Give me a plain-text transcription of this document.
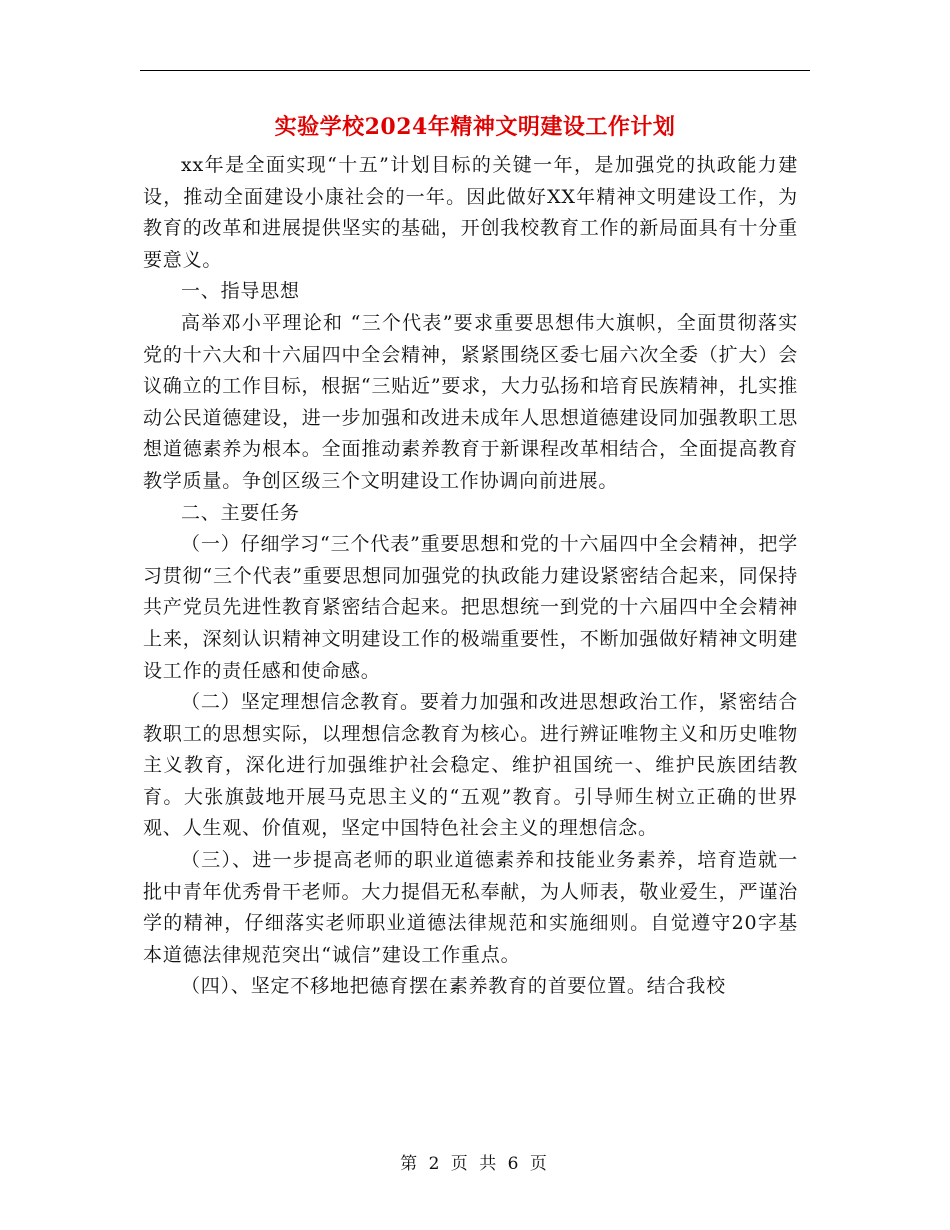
实验学校2024年精神文明建设工作计划

xx年是全面实现“十五”计划目标的关键一年，是加强党的执政能力建设，推动全面建设小康社会的一年。因此做好XX年精神文明建设工作，为教育的改革和进展提供坚实的基础，开创我校教育工作的新局面具有十分重要意义。

一、指导思想

高举邓小平理论和 “三个代表”要求重要思想伟大旗帜，全面贯彻落实党的十六大和十六届四中全会精神，紧紧围绕区委七届六次全委（扩大）会议确立的工作目标，根据“三贴近”要求，大力弘扬和培育民族精神，扎实推动公民道德建设，进一步加强和改进未成年人思想道德建设同加强教职工思想道德素养为根本。全面推动素养教育于新课程改革相结合，全面提高教育教学质量。争创区级三个文明建设工作协调向前进展。

二、主要任务

（一）仔细学习“三个代表”重要思想和党的十六届四中全会精神，把学习贯彻“三个代表”重要思想同加强党的执政能力建设紧密结合起来，同保持共产党员先进性教育紧密结合起来。把思想统一到党的十六届四中全会精神上来，深刻认识精神文明建设工作的极端重要性，不断加强做好精神文明建设工作的责任感和使命感。

（二）坚定理想信念教育。要着力加强和改进思想政治工作，紧密结合教职工的思想实际，以理想信念教育为核心。进行辨证唯物主义和历史唯物主义教育，深化进行加强维护社会稳定、维护祖国统一、维护民族团结教育。大张旗鼓地开展马克思主义的“五观”教育。引导师生树立正确的世界观、人生观、价值观，坚定中国特色社会主义的理想信念。

（三）、进一步提高老师的职业道德素养和技能业务素养，培育造就一批中青年优秀骨干老师。大力提倡无私奉献，为人师表，敬业爱生，严谨治学的精神，仔细落实老师职业道德法律规范和实施细则。自觉遵守20字基本道德法律规范突出“诚信”建设工作重点。

（四）、坚定不移地把德育摆在素养教育的首要位置。结合我校

第 2 页 共 6 页
